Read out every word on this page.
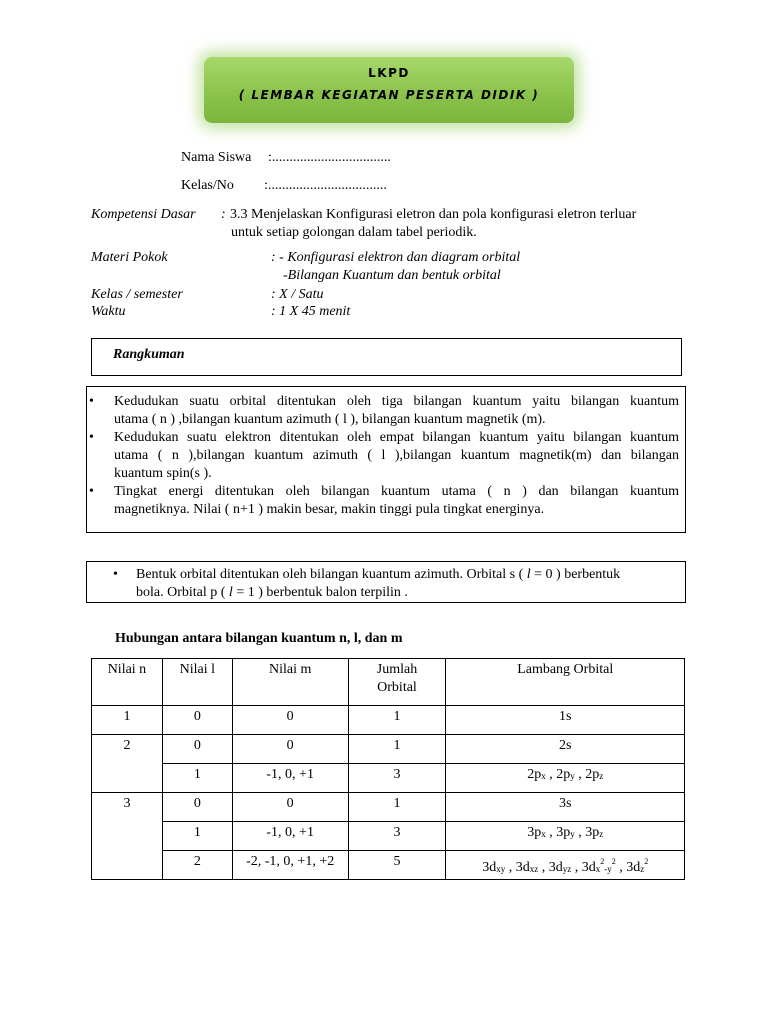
LKPD
( LEMBAR KEGIATAN PESERTA DIDIK )
Nama Siswa :..................................
Kelas/No :..................................
Kompetensi Dasar : 3.3 Menjelaskan Konfigurasi eletron dan pola konfigurasi eletron terluar
untuk setiap golongan dalam tabel periodik.
Materi Pokok	: - Konfigurasi elektron dan diagram orbital
-Bilangan Kuantum dan bentuk orbital
Kelas / semester	: X / Satu
Waktu	: 1 X 45 menit
Rangkuman
• Kedudukan suatu orbital ditentukan oleh tiga bilangan kuantum yaitu bilangan kuantum
utama ( n ) ,bilangan kuantum azimuth ( l ), bilangan kuantum magnetik (m).
• Kedudukan suatu elektron ditentukan oleh empat bilangan kuantum yaitu bilangan kuantum
utama ( n ),bilangan kuantum azimuth ( l ),bilangan kuantum magnetik(m) dan bilangan
kuantum spin(s ).
• Tingkat energi ditentukan oleh bilangan kuantum utama ( n ) dan bilangan kuantum
magnetiknya. Nilai ( n+1 ) makin besar, makin tinggi pula tingkat energinya.
• Bentuk orbital ditentukan oleh bilangan kuantum azimuth. Orbital s ( l = 0 ) berbentuk
bola. Orbital p ( l = 1 ) berbentuk balon terpilin .
Hubungan antara bilangan kuantum n, l, dan m
Nilai n	Nilai l	Nilai m	Jumlah
Orbital	Lambang Orbital
1	0	0	1	1s
2	0	0	1	2s
	1	-1, 0, +1	3	2px , 2py , 2pz
3	0	0	1	3s
	1	-1, 0, +1	3	3px , 3py , 3pz
	2	-2, -1, 0, +1, +2	5	3dxy , 3dxz , 3dyz , $3dx^2-y^2$ , $3dz^2$
